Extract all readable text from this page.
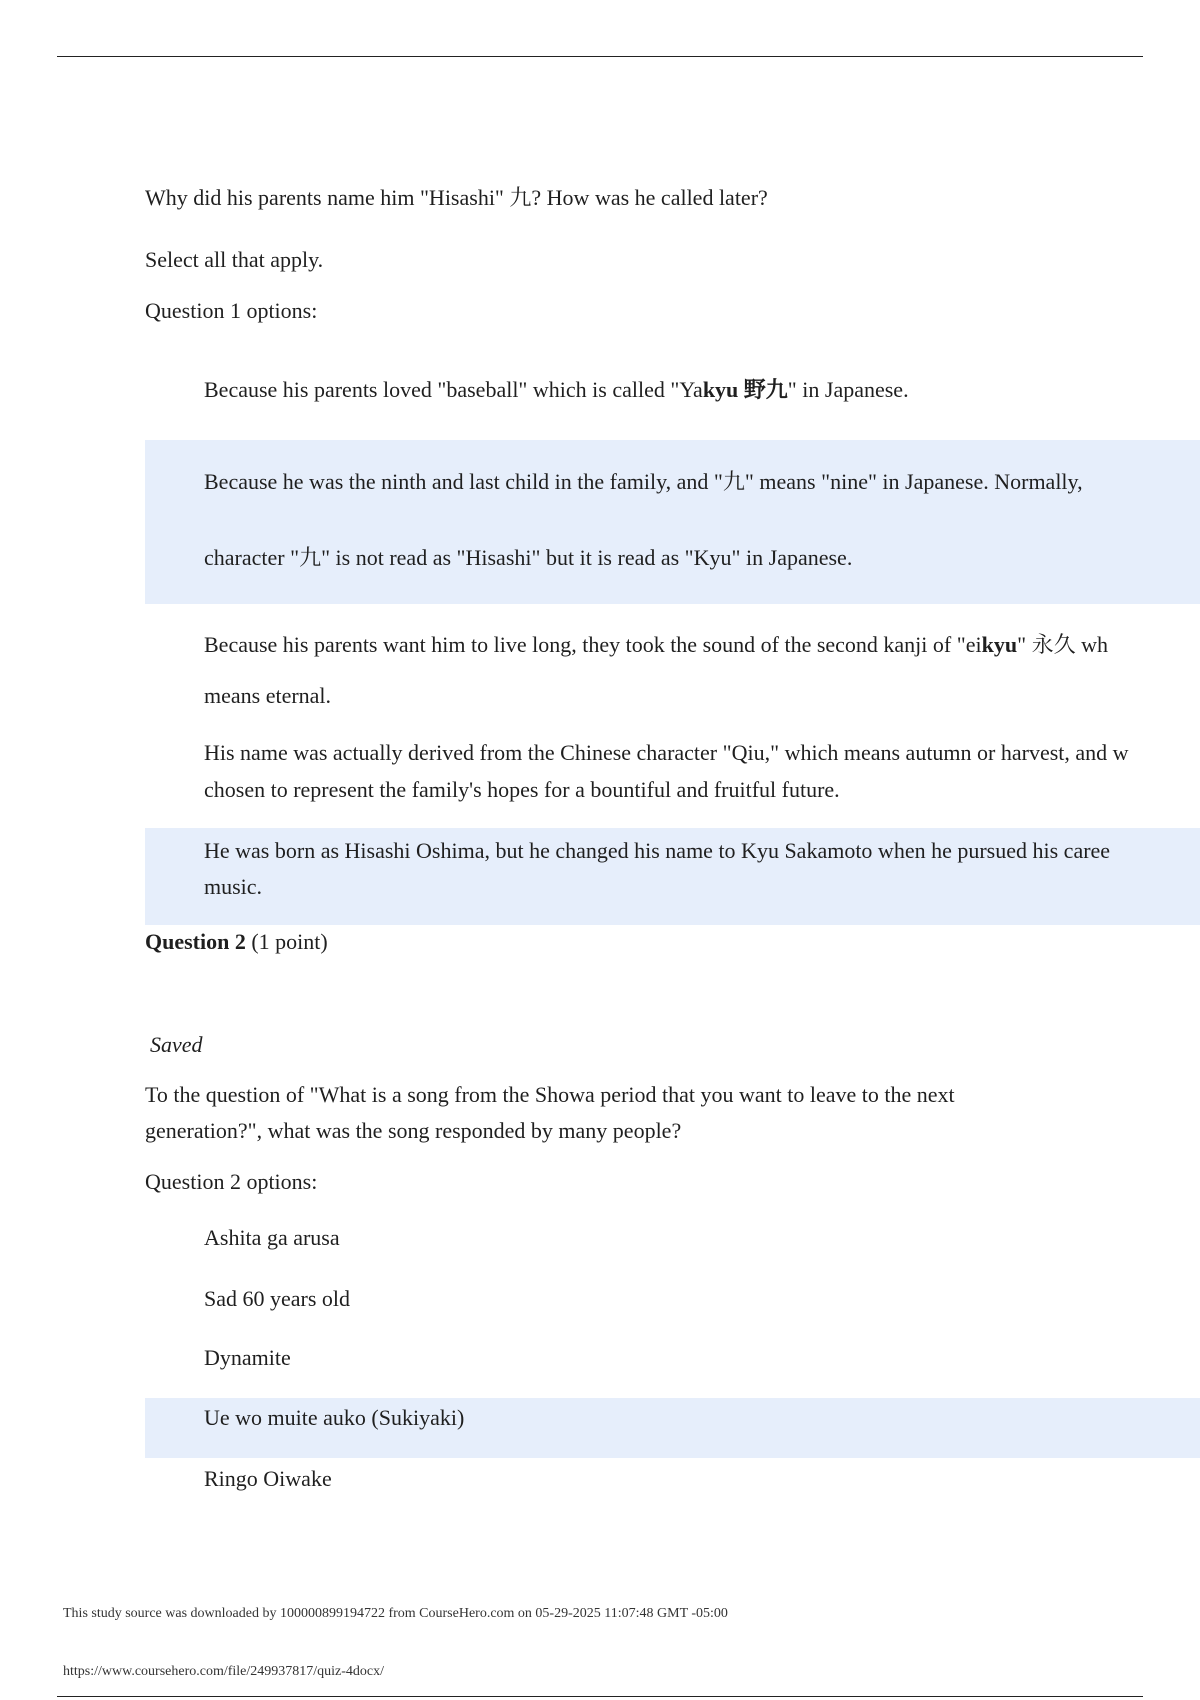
Why did his parents name him "Hisashi" 九? How was he called later?
Select all that apply.
Question 1 options:
Because his parents loved "baseball" which is called "Yakyu 野九" in Japanese.
Because he was the ninth and last child in the family, and "九" means "nine" in Japanese. Normally,
character "九" is not read as "Hisashi" but it is read as "Kyu" in Japanese.
Because his parents want him to live long, they took the sound of the second kanji of "eikyu" 永久 wh
means eternal.
His name was actually derived from the Chinese character "Qiu," which means autumn or harvest, and w
chosen to represent the family's hopes for a bountiful and fruitful future.
He was born as Hisashi Oshima, but he changed his name to Kyu Sakamoto when he pursued his caree
music.
Question 2 (1 point)
Saved
To the question of "What is a song from the Showa period that you want to leave to the next
generation?", what was the song responded by many people?
Question 2 options:
Ashita ga arusa
Sad 60 years old
Dynamite
Ue wo muite auko (Sukiyaki)
Ringo Oiwake
This study source was downloaded by 100000899194722 from CourseHero.com on 05-29-2025 11:07:48 GMT -05:00
https://www.coursehero.com/file/249937817/quiz-4docx/
